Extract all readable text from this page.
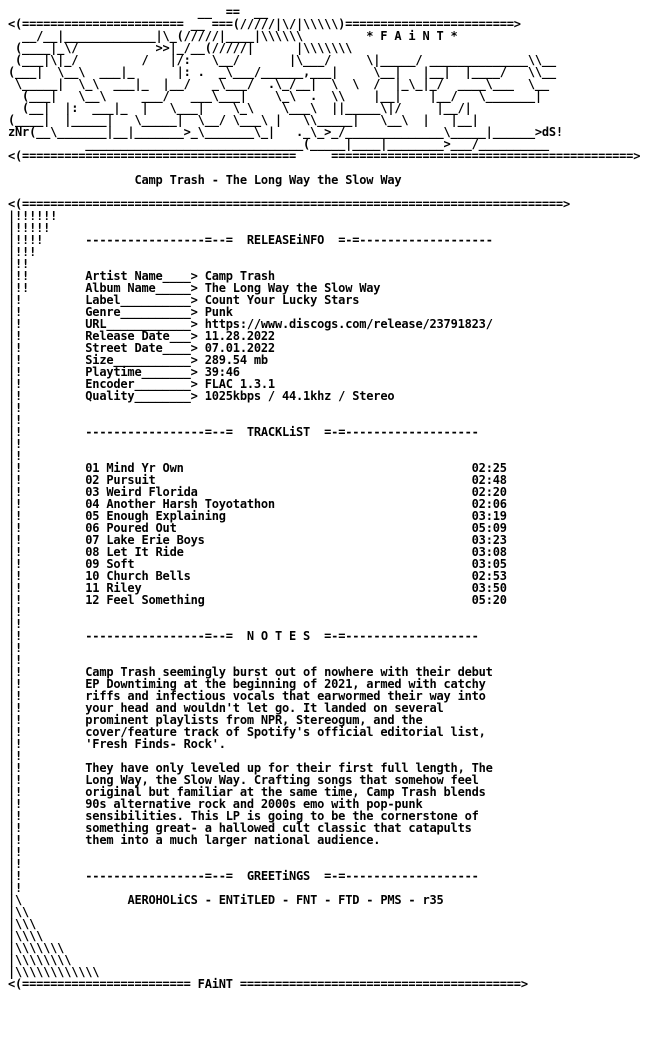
__  ==  __
<(======================= __ ===(/////|\/|\\\\\)========================>
__/__|_____________|\_(/////|____|\\\\\\         * F A i N T *
(____|_\/           >>|_/__(/////|      |\\\\\\\
(___|\|_/         /   |/:   \__/       |\___/     \|_____/ ______________\\__
(___|  \__\  ___|_      |: .  _\___/______,___|     \__|   |__|  |____/   \\__
\_____|  \_\  ___|_  |__/   _\___/  .\_/__|  \  \  /  |_\_|_/  ____\___  \__
(___|   \__\     ___/   ___\___|    \_\  .  \\    |__|    |__/   \_______|
(__|  |:  ___|_  |   \___|    \_\    \___\  ||_____\|/     |__/|
(____|  |_____|   \_____|  \__/ \___\ |   \\_____|   \__\  |   |__|
zNr(__\_______|__|_______>_\_______\_|   ._\_>_/______________\_____|______>dS!
_______________________________(_____|____|________>___/__________
<(=======================================     ===========================================>

Camp Trash - The Long Way the Slow Way

<(=============================================================================>
|!!!!!!
|!!!!!
|!!!!      -----------------=--=  RELEASEiNFO  =-=-------------------
|!!!
|!!
|!!        Artist Name____> Camp Trash
|!!        Album Name_____> The Long Way the Slow Way
|!         Label__________> Count Your Lucky Stars
|!         Genre__________> Punk
|!         URL____________> https://www.discogs.com/release/23791823/
|!         Release Date___> 11.28.2022
|!         Street Date____> 07.01.2022
|!         Size___________> 289.54 mb
|!         Playtime_______> 39:46
|!         Encoder________> FLAC 1.3.1
|!         Quality________> 1025kbps / 44.1khz / Stereo
|!
|!
|!         -----------------=--=  TRACKLiST  =-=-------------------
|!
|!
|!         01 Mind Yr Own                                         02:25
|!         02 Pursuit                                             02:48
|!         03 Weird Florida                                       02:20
|!         04 Another Harsh Toyotathon                            02:06
|!         05 Enough Explaining                                   03:19
|!         06 Poured Out                                          05:09
|!         07 Lake Erie Boys                                      03:23
|!         08 Let It Ride                                         03:08
|!         09 Soft                                                03:05
|!         10 Church Bells                                        02:53
|!         11 Riley                                               03:50
|!         12 Feel Something                                      05:20
|!
|!
|!         -----------------=--=  N O T E S  =-=-------------------
|!
|!
|!         Camp Trash seemingly burst out of nowhere with their debut
|!         EP Downtiming at the beginning of 2021, armed with catchy
|!         riffs and infectious vocals that earwormed their way into
|!         your head and wouldn't let go. It landed on several
|!         prominent playlists from NPR, Stereogum, and the
|!         cover/feature track of Spotify's official editorial list,
|!         'Fresh Finds- Rock'.
|!
|!         They have only leveled up for their first full length, The
|!         Long Way, the Slow Way. Crafting songs that somehow feel
|!         original but familiar at the same time, Camp Trash blends
|!         90s alternative rock and 2000s emo with pop-punk
|!         sensibilities. This LP is going to be the cornerstone of
|!         something great- a hallowed cult classic that catapults
|!         them into a much larger national audience.
|!
|!
|!         -----------------=--=  GREETiNGS  =-=-------------------
|!
|\	AEROHOLiCS - ENTiTLED - FNT - FTD - PMS - r35
|\\
|\\\
|\\\\
|\\\\\\\
|\\\\\\\\
|\\\\\\\\\\\\
<(======================== FAiNT ========================================>
